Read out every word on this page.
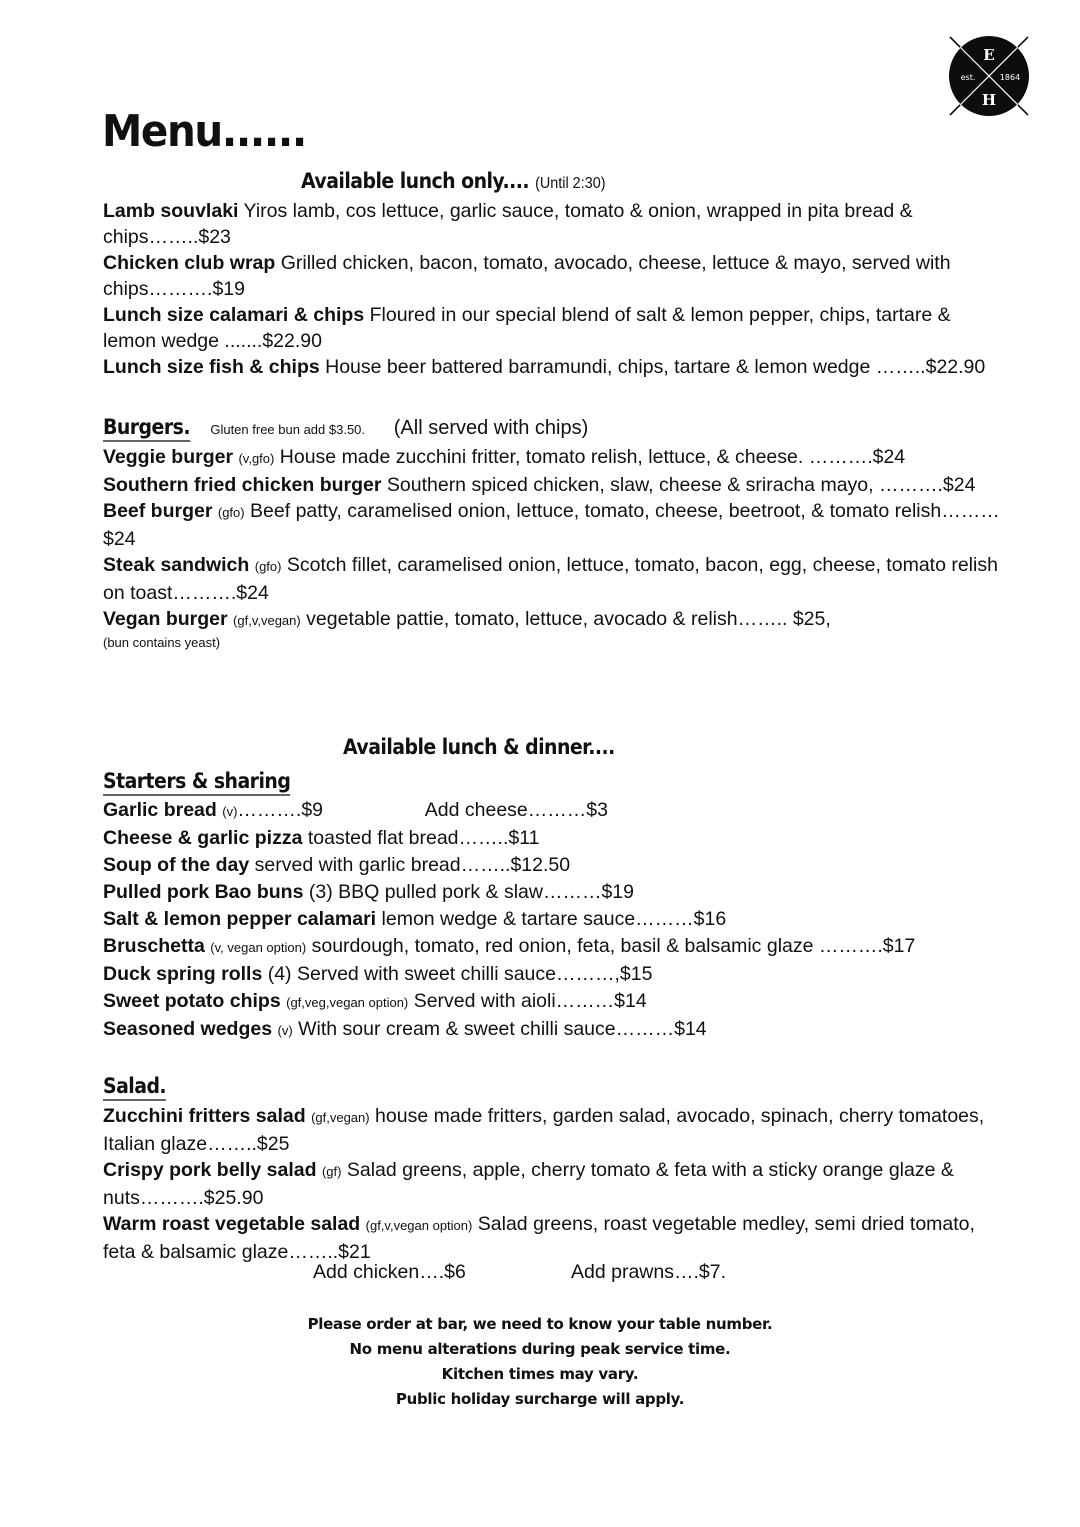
E
H
est.	1864
Menu......
Available lunch only.... (Until 2:30)

Lamb souvlaki Yiros lamb, cos lettuce, garlic sauce, tomato & onion, wrapped in pita bread & chips……..$23

Chicken club wrap Grilled chicken, bacon, tomato, avocado, cheese, lettuce & mayo, served with chips……….$19

Lunch size calamari & chips Floured in our special blend of salt & lemon pepper, chips, tartare & lemon wedge .......$22.90

Lunch size fish & chips House beer battered barramundi, chips, tartare & lemon wedge ……..$22.90

Burgers. Gluten free bun add $3.50. (All served with chips)

Veggie burger (v,gfo) House made zucchini fritter, tomato relish, lettuce, & cheese. ……….$24

Southern fried chicken burger Southern spiced chicken, slaw, cheese & sriracha mayo, ……….$24

Beef burger (gfo) Beef patty, caramelised onion, lettuce, tomato, cheese, beetroot, & tomato relish………$24

Steak sandwich (gfo) Scotch fillet, caramelised onion, lettuce, tomato, bacon, egg, cheese, tomato relish on toast……….$24

Vegan burger (gf,v,vegan) vegetable pattie, tomato, lettuce, avocado & relish…….. $25,
(bun contains yeast)

Available lunch & dinner....
Starters & sharing

Garlic bread (v)……….$9	Add cheese………$3

Cheese & garlic pizza toasted flat bread……..$11

Soup of the day served with garlic bread……..$12.50

Pulled pork Bao buns (3) BBQ pulled pork & slaw………$19

Salt & lemon pepper calamari lemon wedge & tartare sauce………$16

Bruschetta (v, vegan option) sourdough, tomato, red onion, feta, basil & balsamic glaze ……….$17

Duck spring rolls (4) Served with sweet chilli sauce………,$15

Sweet potato chips (gf,veg,vegan option) Served with aioli………$14

Seasoned wedges (v) With sour cream & sweet chilli sauce………$14

Salad.

Zucchini fritters salad (gf,vegan) house made fritters, garden salad, avocado, spinach, cherry tomatoes, Italian glaze……..$25

Crispy pork belly salad (gf) Salad greens, apple, cherry tomato & feta with a sticky orange glaze & nuts……….$25.90

Warm roast vegetable salad (gf,v,vegan option) Salad greens, roast vegetable medley, semi dried tomato, feta & balsamic glaze……..$21

Add chicken….$6	Add prawns….$7.
Please order at bar, we need to know your table number.
No menu alterations during peak service time.
Kitchen times may vary.
Public holiday surcharge will apply.
